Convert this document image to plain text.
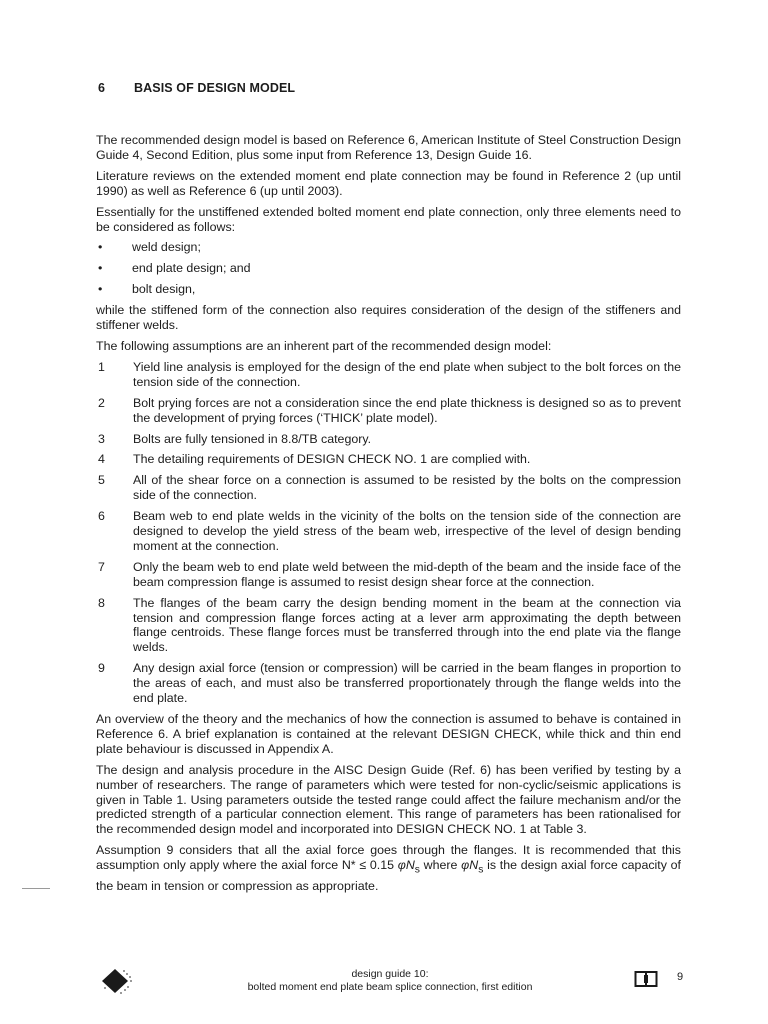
6 BASIS OF DESIGN MODEL

The recommended design model is based on Reference 6, American Institute of Steel Construction Design Guide 4, Second Edition, plus some input from Reference 13, Design Guide 16.

Literature reviews on the extended moment end plate connection may be found in Reference 2 (up until 1990) as well as Reference 6 (up until 2003).

Essentially for the unstiffened extended bolted moment end plate connection, only three elements need to be considered as follows:

• weld design;
• end plate design; and
• bolt design,

while the stiffened form of the connection also requires consideration of the design of the stiffeners and stiffener welds.

The following assumptions are an inherent part of the recommended design model:

1 Yield line analysis is employed for the design of the end plate when subject to the bolt forces on the tension side of the connection.
2 Bolt prying forces are not a consideration since the end plate thickness is designed so as to prevent the development of prying forces (‘THICK’ plate model).
3 Bolts are fully tensioned in 8.8/TB category.
4 The detailing requirements of DESIGN CHECK NO. 1 are complied with.
5 All of the shear force on a connection is assumed to be resisted by the bolts on the compression side of the connection.
6 Beam web to end plate welds in the vicinity of the bolts on the tension side of the connection are designed to develop the yield stress of the beam web, irrespective of the level of design bending moment at the connection.
7 Only the beam web to end plate weld between the mid-depth of the beam and the inside face of the beam compression flange is assumed to resist design shear force at the connection.
8 The flanges of the beam carry the design bending moment in the beam at the connection via tension and compression flange forces acting at a lever arm approximating the depth between flange centroids. These flange forces must be transferred through into the end plate via the flange welds.
9 Any design axial force (tension or compression) will be carried in the beam flanges in proportion to the areas of each, and must also be transferred proportionately through the flange welds into the end plate.

An overview of the theory and the mechanics of how the connection is assumed to behave is contained in Reference 6. A brief explanation is contained at the relevant DESIGN CHECK, while thick and thin end plate behaviour is discussed in Appendix A.

The design and analysis procedure in the AISC Design Guide (Ref. 6) has been verified by testing by a number of researchers. The range of parameters which were tested for non-cyclic/seismic applications is given in Table 1. Using parameters outside the tested range could affect the failure mechanism and/or the predicted strength of a particular connection element. This range of parameters has been rationalised for the recommended design model and incorporated into DESIGN CHECK NO. 1 at Table 3.

Assumption 9 considers that all the axial force goes through the flanges. It is recommended that this assumption only apply where the axial force N* ≤ 0.15 $\varphi N_s$ where $\varphi N_s$ is the design axial force capacity of the beam in tension or compression as appropriate.

design guide 10:
bolted moment end plate beam splice connection, first edition
9
